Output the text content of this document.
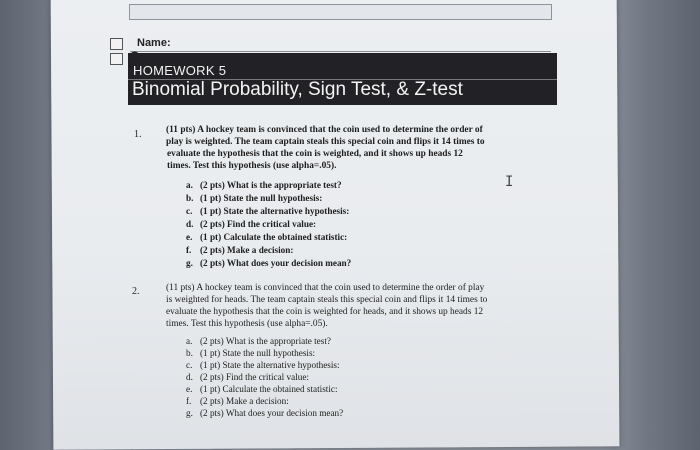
Name:
HOMEWORK 5
Binomial Probability, Sign Test, & Z-test
1.	(11 pts) A hockey team is convinced that the coin used to determine the order of
play is weighted. The team captain steals this special coin and flips it 14 times to
evaluate the hypothesis that the coin is weighted, and it shows up heads 12
times. Test this hypothesis (use alpha=.05).
a. (2 pts) What is the appropriate test?
b. (1 pt) State the null hypothesis:
c. (1 pt) State the alternative hypothesis:
d. (2 pts) Find the critical value:
e. (1 pt) Calculate the obtained statistic:
f. (2 pts) Make a decision:
g. (2 pts) What does your decision mean?
I
2.	(11 pts) A hockey team is convinced that the coin used to determine the order of play
is weighted for heads. The team captain steals this special coin and flips it 14 times to
evaluate the hypothesis that the coin is weighted for heads, and it shows up heads 12
times. Test this hypothesis (use alpha=.05).
a. (2 pts) What is the appropriate test?
b. (1 pt) State the null hypothesis:
c. (1 pt) State the alternative hypothesis:
d. (2 pts) Find the critical value:
e. (1 pt) Calculate the obtained statistic:
f. (2 pts) Make a decision:
g. (2 pts) What does your decision mean?
